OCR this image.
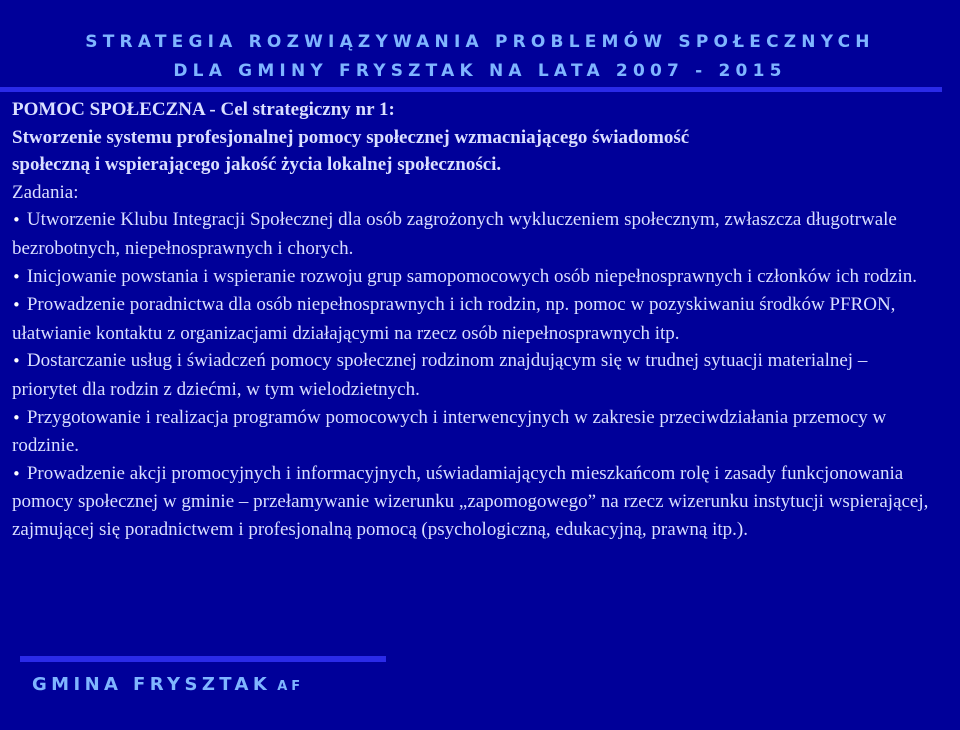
STRATEGIA ROZWIĄZYWANIA PROBLEMÓW SPOŁECZNYCH
DLA GMINY FRYSZTAK NA LATA 2007 - 2015

POMOC SPOŁECZNA - Cel strategiczny nr 1:

Stworzenie systemu profesjonalnej pomocy społecznej wzmacniającego świadomość

społeczną i wspierającego jakość życia lokalnej społeczności.

Zadania:

• Utworzenie Klubu Integracji Społecznej dla osób zagrożonych wykluczeniem społecznym, zwłaszcza długotrwale bezrobotnych, niepełnosprawnych i chorych.

• Inicjowanie powstania i wspieranie rozwoju grup samopomocowych osób niepełnosprawnych i członków ich rodzin.

• Prowadzenie poradnictwa dla osób niepełnosprawnych i ich rodzin, np. pomoc w pozyskiwaniu środków PFRON, ułatwianie kontaktu z organizacjami działającymi na rzecz osób niepełnosprawnych itp.

• Dostarczanie usług i świadczeń pomocy społecznej rodzinom znajdującym się w trudnej sytuacji materialnej – priorytet dla rodzin z dziećmi, w tym wielodzietnych.

• Przygotowanie i realizacja programów pomocowych i interwencyjnych w zakresie przeciwdziałania przemocy w rodzinie.

• Prowadzenie akcji promocyjnych i informacyjnych, uświadamiających mieszkańcom rolę i zasady funkcjonowania pomocy społecznej w gminie – przełamywanie wizerunku „zapomogowego” na rzecz wizerunku instytucji wspierającej, zajmującej się poradnictwem i profesjonalną pomocą (psychologiczną, edukacyjną, prawną itp.).

GMINA FRYSZTAK AF
